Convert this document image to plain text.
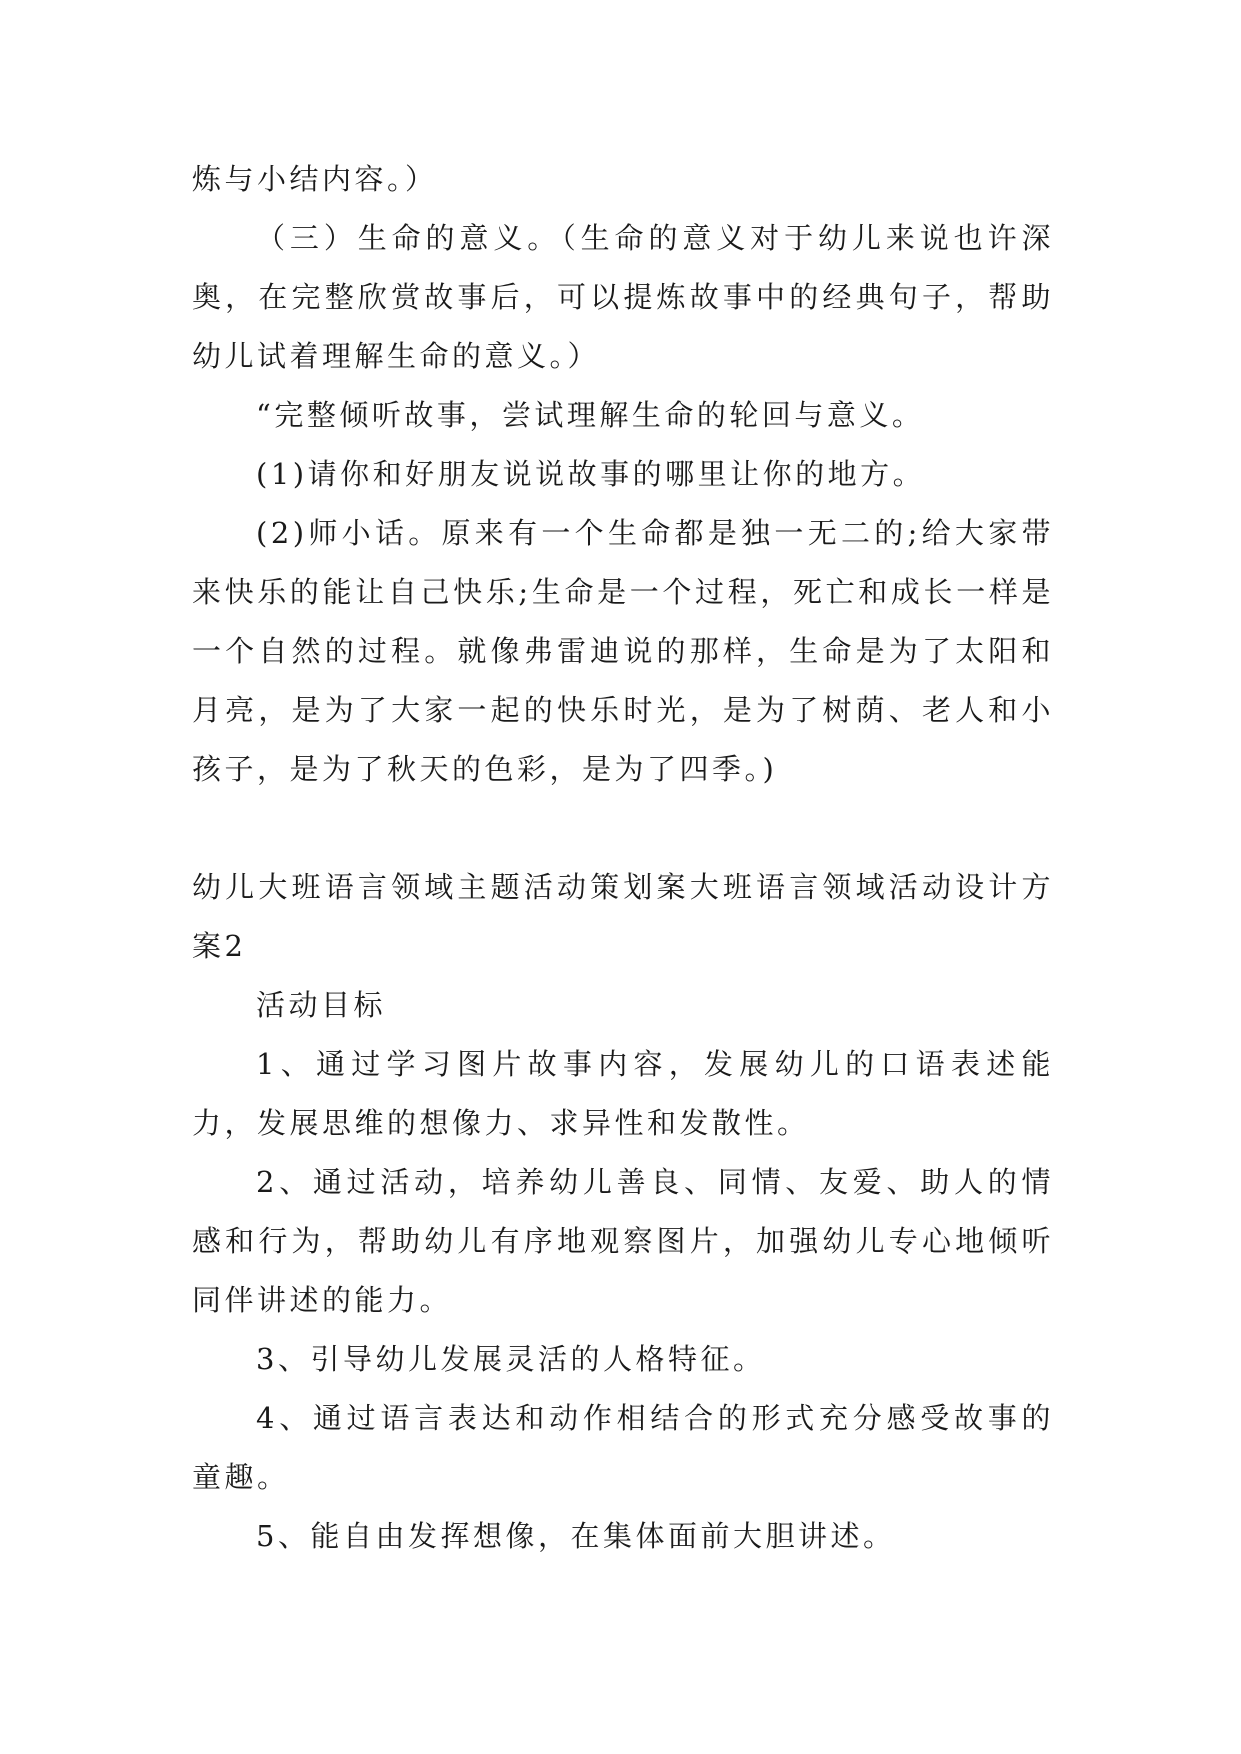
炼与小结内容。）

（三）生命的意义。（生命的意义对于幼儿来说也许深奥，在完整欣赏故事后，可以提炼故事中的经典句子，帮助幼儿试着理解生命的意义。）

“完整倾听故事，尝试理解生命的轮回与意义。

(1)请你和好朋友说说故事的哪里让你的地方。

(2)师小话。原来有一个生命都是独一无二的;给大家带来快乐的能让自己快乐;生命是一个过程，死亡和成长一样是一个自然的过程。就像弗雷迪说的那样，生命是为了太阳和月亮，是为了大家一起的快乐时光，是为了树荫、老人和小孩子，是为了秋天的色彩，是为了四季。)

幼儿大班语言领域主题活动策划案大班语言领域活动设计方案2

活动目标

1、通过学习图片故事内容，发展幼儿的口语表述能力，发展思维的想像力、求异性和发散性。

2、通过活动，培养幼儿善良、同情、友爱、助人的情感和行为，帮助幼儿有序地观察图片，加强幼儿专心地倾听同伴讲述的能力。

3、引导幼儿发展灵活的人格特征。

4、通过语言表达和动作相结合的形式充分感受故事的童趣。

5、能自由发挥想像，在集体面前大胆讲述。
